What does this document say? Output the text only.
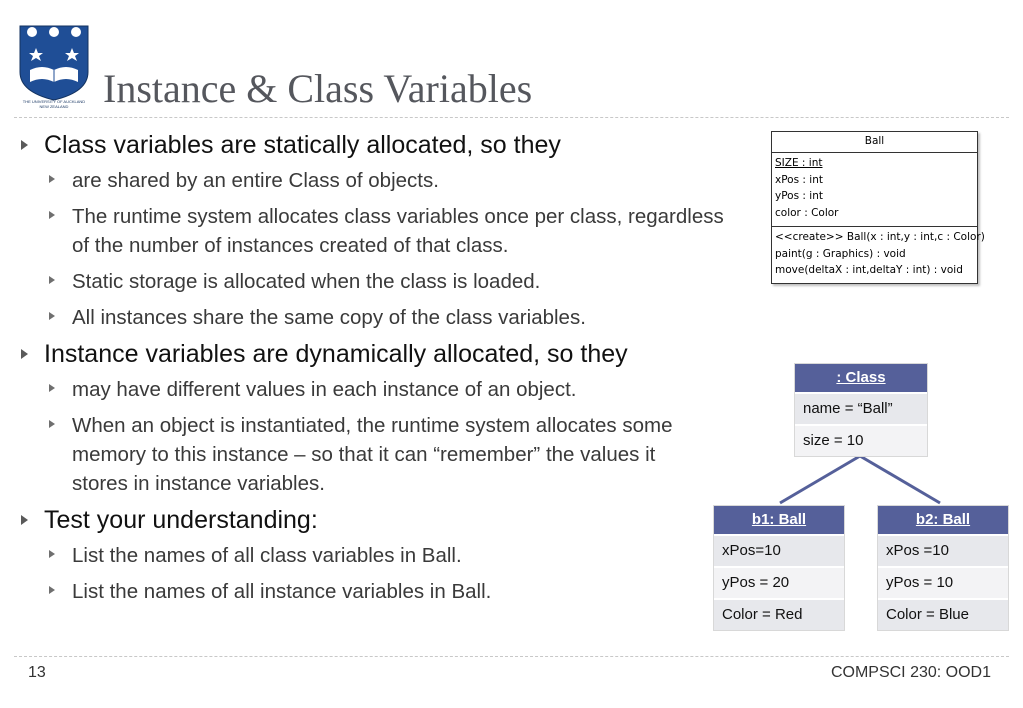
THE UNIVERSITY OF AUCKLAND
NEW ZEALAND Instance & Class Variables
Class variables are statically allocated, so they
are shared by an entire Class of objects.
The runtime system allocates class variables once per class, regardless of the number of instances created of that class.
Static storage is allocated when the class is loaded.
All instances share the same copy of the class variables.
Instance variables are dynamically allocated, so they
may have different values in each instance of an object.
When an object is instantiated, the runtime system allocates some memory to this instance – so that it can “remember” the values it stores in instance variables.
Test your understanding:
List the names of all class variables in Ball.
List the names of all instance variables in Ball.
Ball
SIZE : int
xPos : int
yPos : int
color : Color
<<create>> Ball(x : int,y : int,c : Color)
paint(g : Graphics) : void
move(deltaX : int,deltaY : int) : void
: Class
name = “Ball”
size = 10
b1: Ball
xPos=10
yPos = 20
Color = Red
b2: Ball
xPos =10
yPos = 10
Color = Blue
13	COMPSCI 230: OOD1
